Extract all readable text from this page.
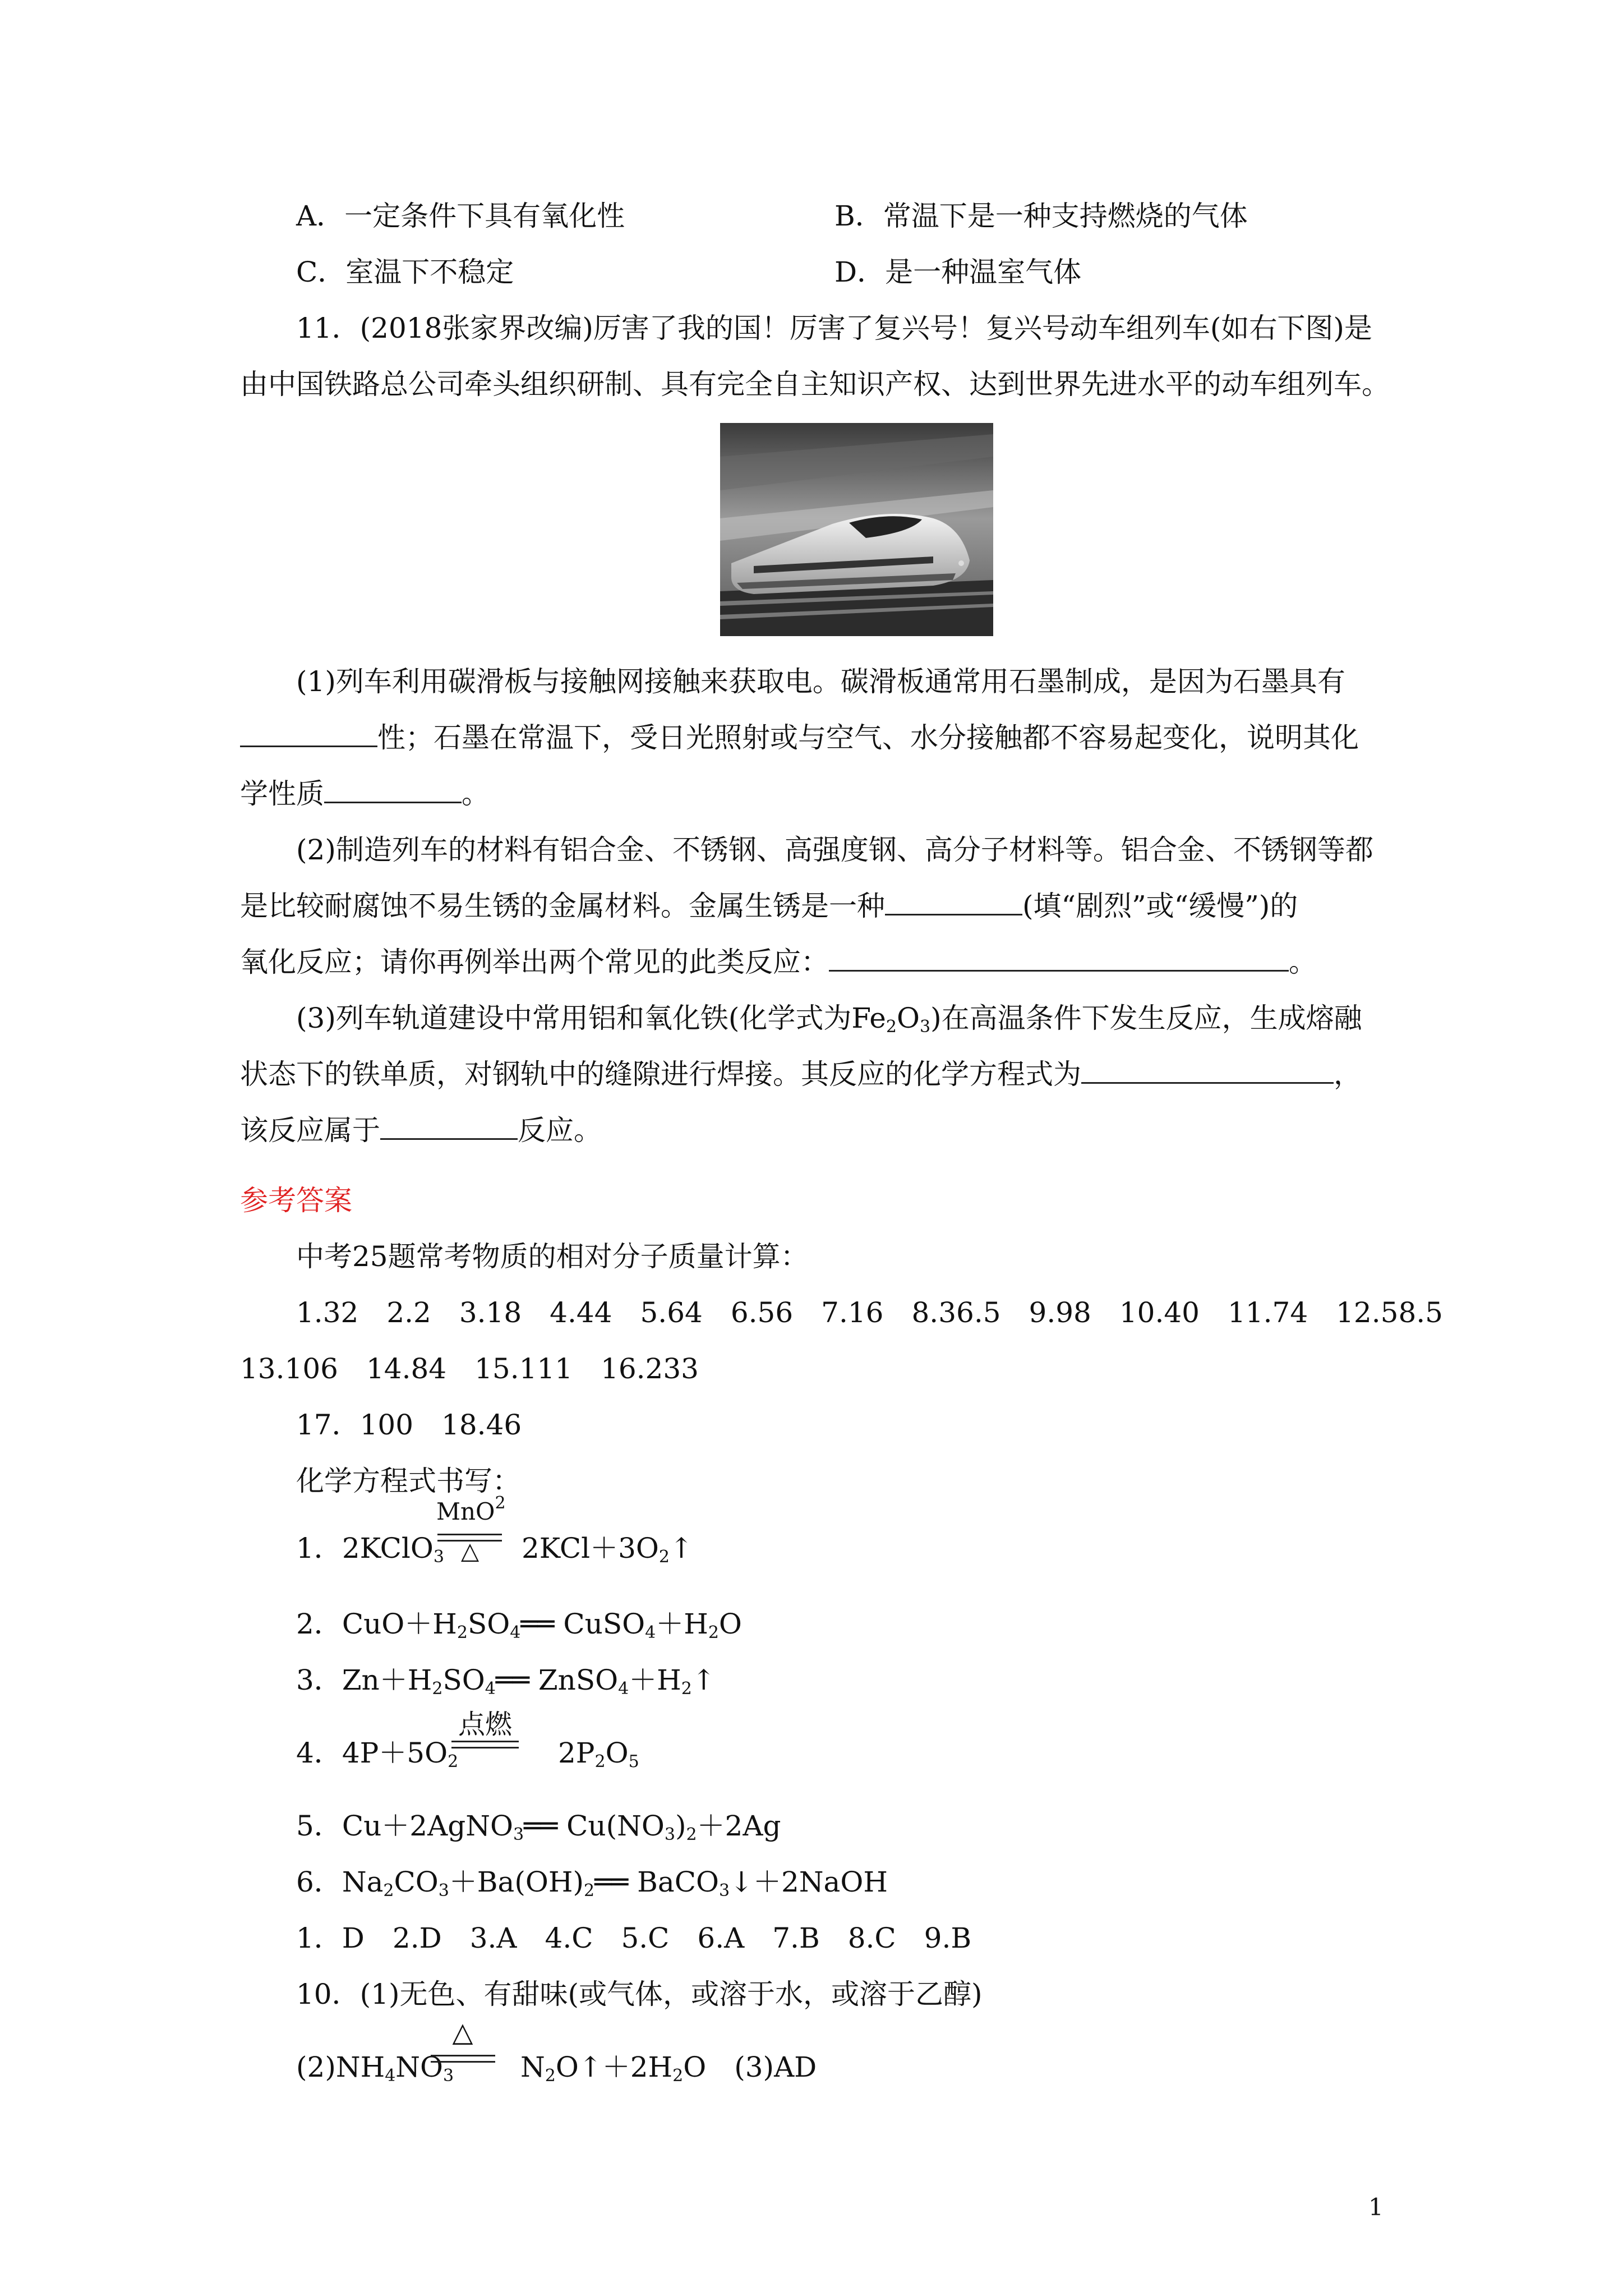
A．一定条件下具有氧化性	B．常温下是一种支持燃烧的气体
C．室温下不稳定	D．是一种温室气体
11．(2018张家界改编)厉害了我的国！厉害了复兴号！复兴号动车组列车(如右下图)是
由中国铁路总公司牵头组织研制、具有完全自主知识产权、达到世界先进水平的动车组列车。
(1)列车利用碳滑板与接触网接触来获取电。碳滑板通常用石墨制成，是因为石墨具有
性；石墨在常温下，受日光照射或与空气、水分接触都不容易起变化，说明其化
学性质	。
(2)制造列车的材料有铝合金、不锈钢、高强度钢、高分子材料等。铝合金、不锈钢等都
是比较耐腐蚀不易生锈的金属材料。金属生锈是一种	(填“剧烈”或“缓慢”)的
氧化反应；请你再例举出两个常见的此类反应：	。
(3)列车轨道建设中常用铝和氧化铁(化学式为$Fe_2O_3$)在高温条件下发生反应，生成熔融
状态下的铁单质，对钢轨中的缝隙进行焊接。其反应的化学方程式为	，
该反应属于	反应。
参考答案
中考25题常考物质的相对分子质量计算：
1.32　2.2　3.18　4.44　5.64　6.56　7.16　8.36.5　9.98　10.40　11.74　12.58.5
13.106　14.84　15.111　16.233
17．100　18.46
化学方程式书写：
1．2KClO$_3$
MnO$^2$
△	$2KCl+3O_2↑$
2．$CuO+H_2SO_4══$ $CuSO_4+H_2O$
3．$Zn+H_2SO_4══$ $ZnSO_4+H_2↑$
4．$4P+5O_2$
点燃
$2P_2O_5$
5．Cu＋2AgNO$_3$══ $Cu(NO_3)_2+2Ag$
6．$Na_2CO_3+Ba(OH)_2══$ BaCO$_3$↓＋2NaOH
1．D　2.D　3.A　4.C　5.C　6.A　7.B　8.C　9.B
10．(1)无色、有甜味(或气体，或溶于水，或溶于乙醇)
$(2)NH_4NO_3$
△
$N_2O↑+2H_2O$　(3)AD
1
